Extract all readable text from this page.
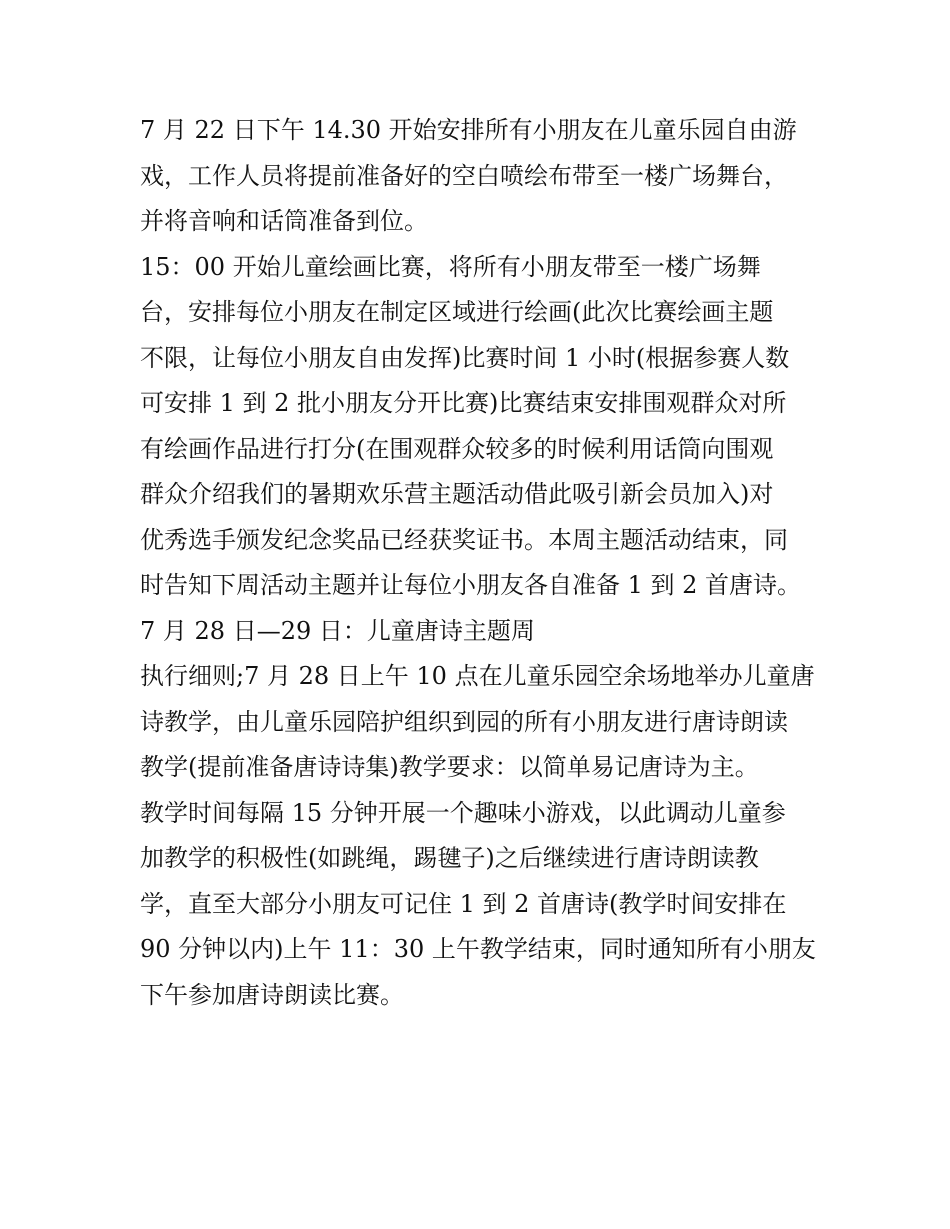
7 月 22 日下午 14.30 开始安排所有小朋友在儿童乐园自由游
戏，工作人员将提前准备好的空白喷绘布带至一楼广场舞台，
并将音响和话筒准备到位。
15：00 开始儿童绘画比赛，将所有小朋友带至一楼广场舞
台，安排每位小朋友在制定区域进行绘画(此次比赛绘画主题
不限，让每位小朋友自由发挥)比赛时间 1 小时(根据参赛人数
可安排 1 到 2 批小朋友分开比赛)比赛结束安排围观群众对所
有绘画作品进行打分(在围观群众较多的时候利用话筒向围观
群众介绍我们的暑期欢乐营主题活动借此吸引新会员加入)对
优秀选手颁发纪念奖品已经获奖证书。本周主题活动结束，同
时告知下周活动主题并让每位小朋友各自准备 1 到 2 首唐诗。
7 月 28 日—29 日：儿童唐诗主题周
执行细则;7 月 28 日上午 10 点在儿童乐园空余场地举办儿童唐
诗教学，由儿童乐园陪护组织到园的所有小朋友进行唐诗朗读
教学(提前准备唐诗诗集)教学要求：以简单易记唐诗为主。
教学时间每隔 15 分钟开展一个趣味小游戏，以此调动儿童参
加教学的积极性(如跳绳，踢毽子)之后继续进行唐诗朗读教
学，直至大部分小朋友可记住 1 到 2 首唐诗(教学时间安排在
90 分钟以内)上午 11：30 上午教学结束，同时通知所有小朋友
下午参加唐诗朗读比赛。
